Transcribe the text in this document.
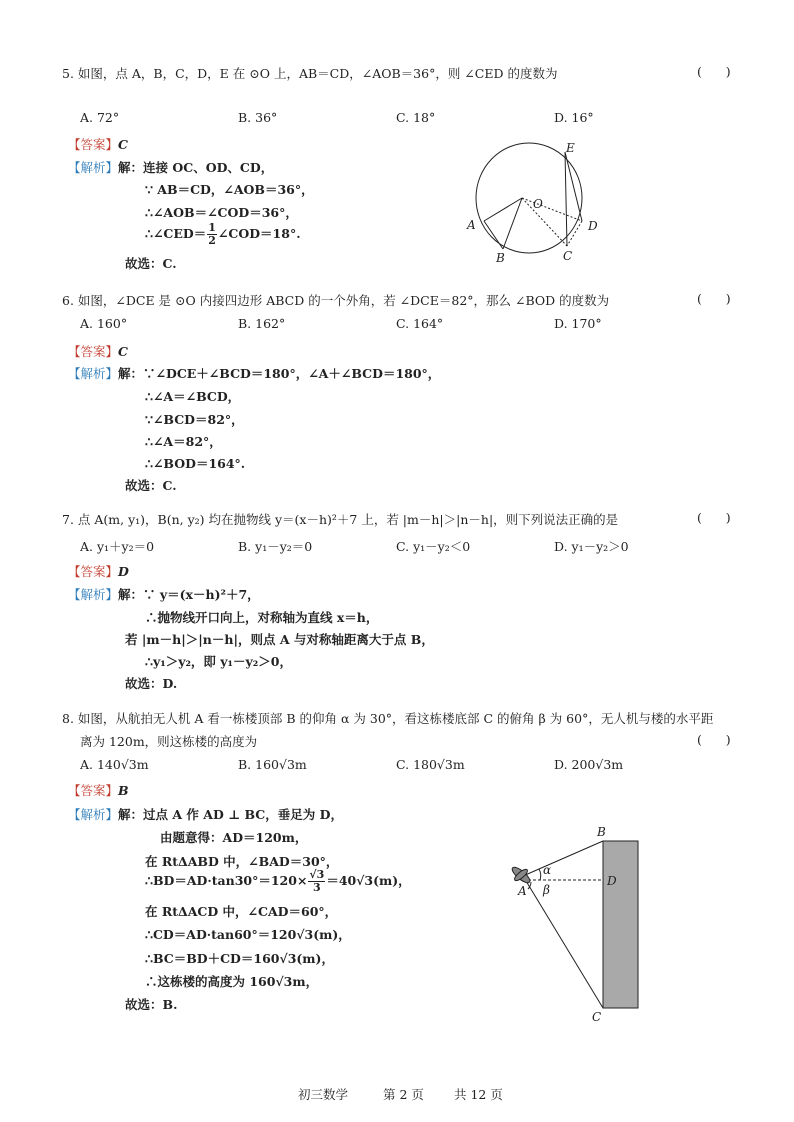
5. 如图，点 A，B，C，D，E 在 ⊙O 上，AB＝CD，∠AOB＝36°，则 ∠CED 的度数为	(      )
A. 72°	B. 36°	C. 18°	D. 16°
【答案】C
【解析】解：连接 OC、OD、CD，
∵ AB＝CD，∠AOB＝36°，
∴∠AOB＝∠COD＝36°，
∴∠CED＝ $\frac{1}{2}$ ∠COD＝18°.
故选：C.
E
O
A
B	C
D
B
α
D
A β
C
6. 如图，∠DCE 是 ⊙O 内接四边形 ABCD 的一个外角，若 ∠DCE＝82°，那么 ∠BOD 的度数为	(      )
A. 160°	B. 162°	C. 164°	D. 170°
【答案】C
【解析】解：∵∠DCE＋∠BCD＝180°，∠A＋∠BCD＝180°，
∴∠A＝∠BCD，
∵∠BCD＝82°，
∴∠A＝82°，
∴∠BOD＝164°.
故选：C.
7. 点 A(m, y₁)，B(n, y₂) 均在抛物线 y＝(x－h)²＋7 上，若 |m－h|＞|n－h|，则下列说法正确的是	(      )
A. y₁＋y₂＝0	B. y₁－y₂＝0	C. y₁－y₂＜0	D. y₁－y₂＞0
【答案】D
【解析】解：∵ y＝(x－h)²＋7，
∴抛物线开口向上，对称轴为直线 x＝h，
若 |m－h|＞|n－h|，则点 A 与对称轴距离大于点 B，
∴y₁＞y₂，即 y₁－y₂＞0，
故选：D.
8. 如图，从航拍无人机 A 看一栋楼顶部 B 的仰角 α 为 30°，看这栋楼底部 C 的俯角 β 为 60°，无人机与楼的水平距
离为 120m，则这栋楼的高度为	(      )
A. 140√3m	B. 160√3m	C. 180√3m	D. 200√3m
【答案】B
【解析】解：过点 A 作 AD ⊥ BC，垂足为 D，
由题意得：AD＝120m，
在 RtΔABD 中，∠BAD＝30°，
∴BD＝AD·tan30°＝120× $\frac{√3}{3} =40√3(m)$，
在 RtΔACD 中，∠CAD＝60°，
∴CD＝AD·tan60°＝120√3(m)，
∴BC＝BD＋CD＝160√3(m)，
∴这栋楼的高度为 160√3m，
故选：B.
初三数学	第 2 页 共 12 页
